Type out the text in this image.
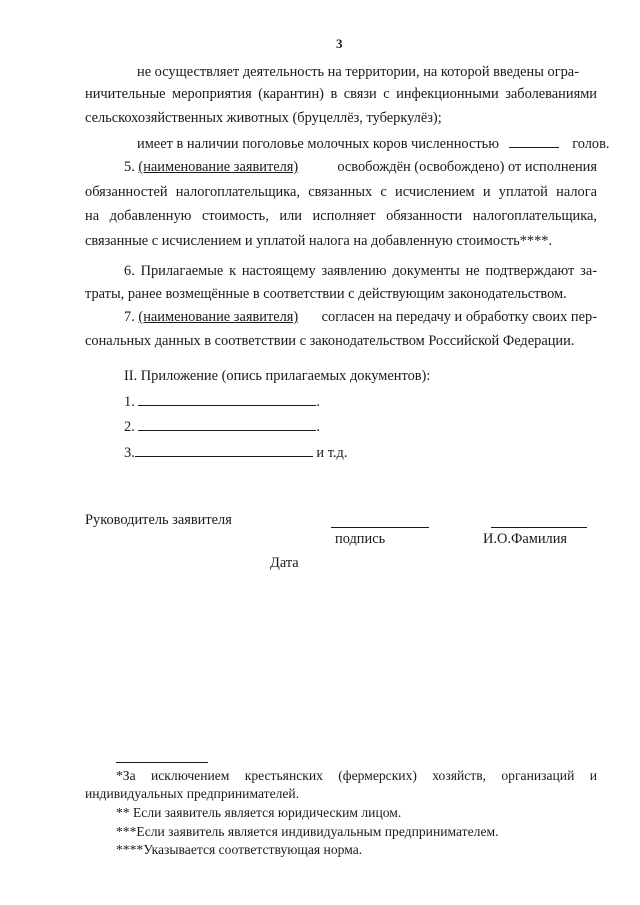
3
не осуществляет деятельность на территории, на которой введены огра-
ничительные мероприятия (карантин) в связи с инфекционными заболеваниями
сельскохозяйственных животных (бруцеллёз, туберкулёз);
имеет в наличии поголовье молочных коров численностью	голов.
5. (наименование заявителя)	освобождён (освобождено) от исполнения
обязанностей налогоплательщика, связанных с исчислением и уплатой налога
на добавленную стоимость, или исполняет обязанности налогоплательщика,
связанные с исчислением и уплатой налога на добавленную стоимость****.
6. Прилагаемые к настоящему заявлению документы не подтверждают за-
траты, ранее возмещённые в соответствии с действующим законодательством.
7. (наименование заявителя) согласен на передачу и обработку своих пер-
сональных данных в соответствии с законодательством Российской Федерации.
II. Приложение (опись прилагаемых документов):
1.	.
2.	.
3.	и т.д.
Руководитель заявителя
подпись	И.О.Фамилия
Дата
*За исключением крестьянских (фермерских) хозяйств, организаций и
индивидуальных предпринимателей.
** Если заявитель является юридическим лицом.
***Если заявитель является индивидуальным предпринимателем.
****Указывается соответствующая норма.
